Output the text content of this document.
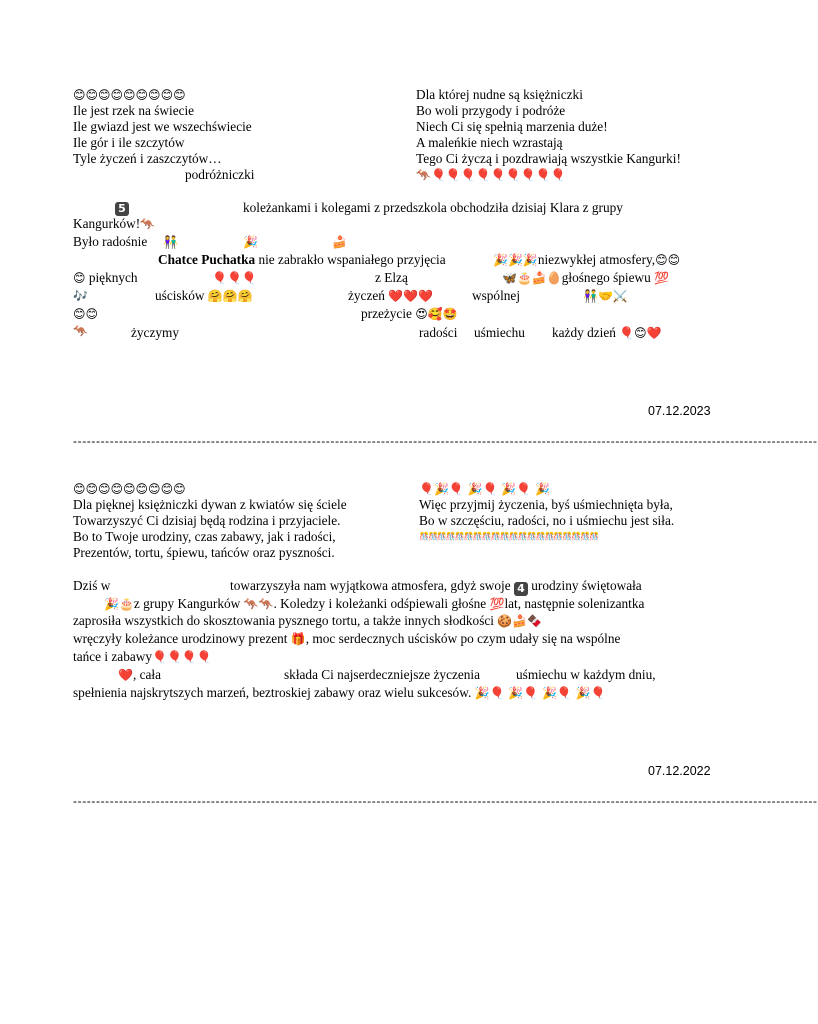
😊😊😊😊😊😊😊😊😊
Ile jest rzek na świecie
Ile gwiazd jest we wszechświecie
Ile gór i ile szczytów
Tyle życzeń i zaszczytów…
podróżniczki
Dla której nudne są księżniczki
Bo woli przygody i podróże
Niech Ci się spełnią marzenia duże!
A maleńkie niech wzrastają
Tego Ci życzą i pozdrawiają wszystkie Kangurki!
🦘🎈🎈🎈🎈🎈🎈🎈🎈🎈
5	koleżankami i kolegami z przedszkola obchodziła dzisiaj Klara z grupy
Kangurków!🦘
Było radośnie 👫	🎉	🍰
Chatce Puchatka nie zabrakło wspaniałego przyjęcia	🎉🎉🎉niezwykłej atmosfery,😊😊
😊 pięknych	🎈🎈🎈	z Elzą	🦋🎂🍰🥚głośnego śpiewu 💯
🎶	uścisków 🤗🤗🤗	życzeń ❤️❤️❤️	wspólnej	👫🤝⚔️
😊😊	przeżycie 😍🥰🤩
🦘	życzymy	radości uśmiechu każdy dzień 🎈😊❤️
07.12.2023
------------------------------------------------------------------------------------------------------------------------------------------------------------------
😊😊😊😊😊😊😊😊😊
Dla pięknej księżniczki dywan z kwiatów się ściele
Towarzyszyć Ci dzisiaj będą rodzina i przyjaciele.
Bo to Twoje urodziny, czas zabawy, jak i radości,
Prezentów, tortu, śpiewu, tańców oraz pyszności.
🎈🎉🎈 🎉🎈 🎉🎈 🎉
Więc przyjmij życzenia, byś uśmiechnięta była,
Bo w szczęściu, radości, no i uśmiechu jest siła.
🎊🎊🎊🎊🎊🎊🎊🎊🎊🎊🎊🎊🎊🎊🎊🎊🎊🎊🎊🎊
Dziś w	towarzyszyła nam wyjątkowa atmosfera, gdyż swoje 4 urodziny świętowała
🎉🎂z grupy Kangurków 🦘🦘. Koledzy i koleżanki odśpiewali głośne 💯lat, następnie solenizantka
zaprosiła wszystkich do skosztowania pysznego tortu, a także innych słodkości 🍪🍰🍫
wręczyły koleżance urodzinowy prezent 🎁, moc serdecznych uścisków po czym udały się na wspólne
tańce i zabawy🎈🎈🎈🎈
❤️, cała	składa Ci najserdeczniejsze życzenia	uśmiechu w każdym dniu,
spełnienia najskrytszych marzeń, beztroskiej zabawy oraz wielu sukcesów. 🎉🎈 🎉🎈 🎉🎈 🎉🎈
07.12.2022
------------------------------------------------------------------------------------------------------------------------------------------------------------------
